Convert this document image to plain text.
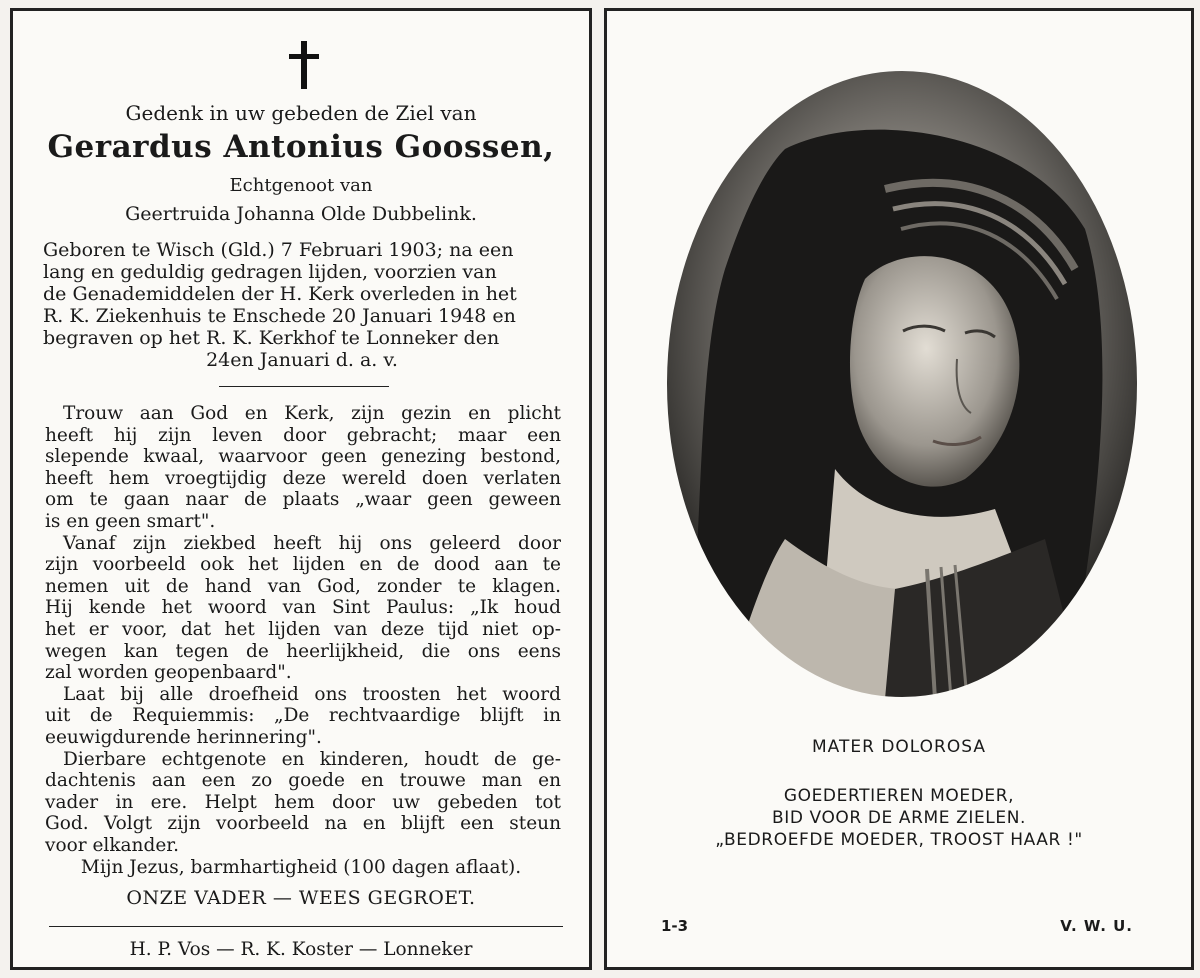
Gedenk in uw gebeden de Ziel van
Gerardus Antonius Goossen,
Echtgenoot van
Geertruida Johanna Olde Dubbelink.
Geboren te Wisch (Gld.) 7 Februari 1903; na een
lang en geduldig gedragen lijden, voorzien van
de Genademiddelen der H. Kerk overleden in het
R. K. Ziekenhuis te Enschede 20 Januari 1948 en
begraven op het R. K. Kerkhof te Lonneker den
24en Januari d. a. v.
Trouw aan God en Kerk, zijn gezin en plicht
heeft hij zijn leven door gebracht; maar een
slepende kwaal, waarvoor geen genezing bestond,
heeft hem vroegtijdig deze wereld doen verlaten
om te gaan naar de plaats „waar geen geween
is en geen smart".
Vanaf zijn ziekbed heeft hij ons geleerd door
zijn voorbeeld ook het lijden en de dood aan te
nemen uit de hand van God, zonder te klagen.
Hij kende het woord van Sint Paulus: „Ik houd
het er voor, dat het lijden van deze tijd niet op-
wegen kan tegen de heerlijkheid, die ons eens
zal worden geopenbaard".
Laat bij alle droefheid ons troosten het woord
uit de Requiemmis: „De rechtvaardige blijft in
eeuwigdurende herinnering".
Dierbare echtgenote en kinderen, houdt de ge-
dachtenis aan een zo goede en trouwe man en
vader in ere. Helpt hem door uw gebeden tot
God. Volgt zijn voorbeeld na en blijft een steun
voor elkander.
Mijn Jezus, barmhartigheid (100 dagen aflaat).
ONZE VADER — WEES GEGROET.
H. P. Vos — R. K. Koster — Lonneker
MATER DOLOROSA
GOEDERTIEREN MOEDER,
BID VOOR DE ARME ZIELEN.
„BEDROEFDE MOEDER, TROOST HAAR !"
1-3	V. W. U.
